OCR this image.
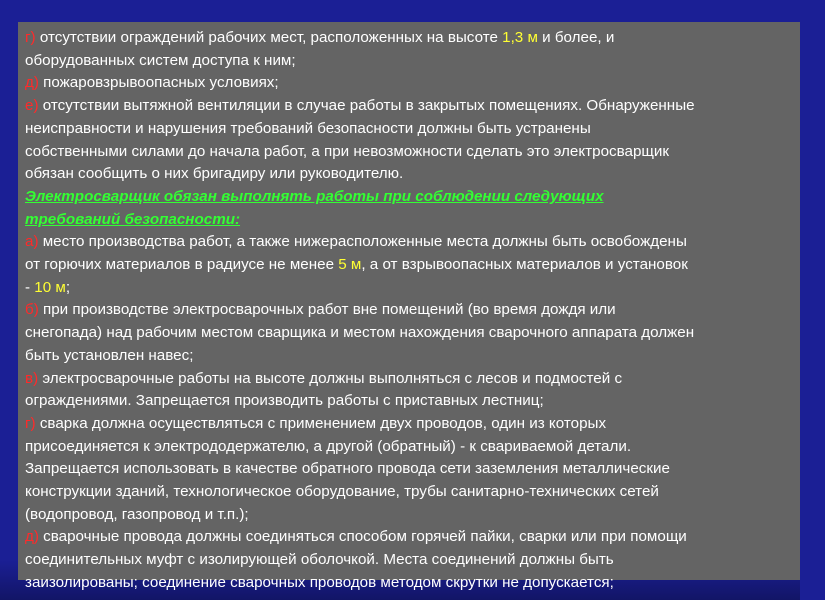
г) отсутствии ограждений рабочих мест, расположенных на высоте 1,3 м и более, и
оборудованных систем доступа к ним;
д) пожаровзрывоопасных условиях;
е) отсутствии вытяжной вентиляции в случае работы в закрытых помещениях. Обнаруженные
неисправности и нарушения требований безопасности должны быть устранены
собственными силами до начала работ, а при невозможности сделать это электросварщик
обязан сообщить о них бригадиру или руководителю.
Электросварщик обязан выполнять работы при соблюдении следующих
требований безопасности:
а) место производства работ, а также нижерасположенные места должны быть освобождены
от горючих материалов в радиусе не менее 5 м, а от взрывоопасных материалов и установок
- 10 м;
б) при производстве электросварочных работ вне помещений (во время дождя или
снегопада) над рабочим местом сварщика и местом нахождения сварочного аппарата должен
быть установлен навес;
в) электросварочные работы на высоте должны выполняться с лесов и подмостей с
ограждениями. Запрещается производить работы с приставных лестниц;
г) сварка должна осуществляться с применением двух проводов, один из которых
присоединяется к электрододержателю, а другой (обратный) - к свариваемой детали.
Запрещается использовать в качестве обратного провода сети заземления металлические
конструкции зданий, технологическое оборудование, трубы санитарно-технических сетей
(водопровод, газопровод и т.п.);
д) сварочные провода должны соединяться способом горячей пайки, сварки или при помощи
соединительных муфт с изолирующей оболочкой. Места соединений должны быть
заизолированы; соединение сварочных проводов методом скрутки не допускается;
